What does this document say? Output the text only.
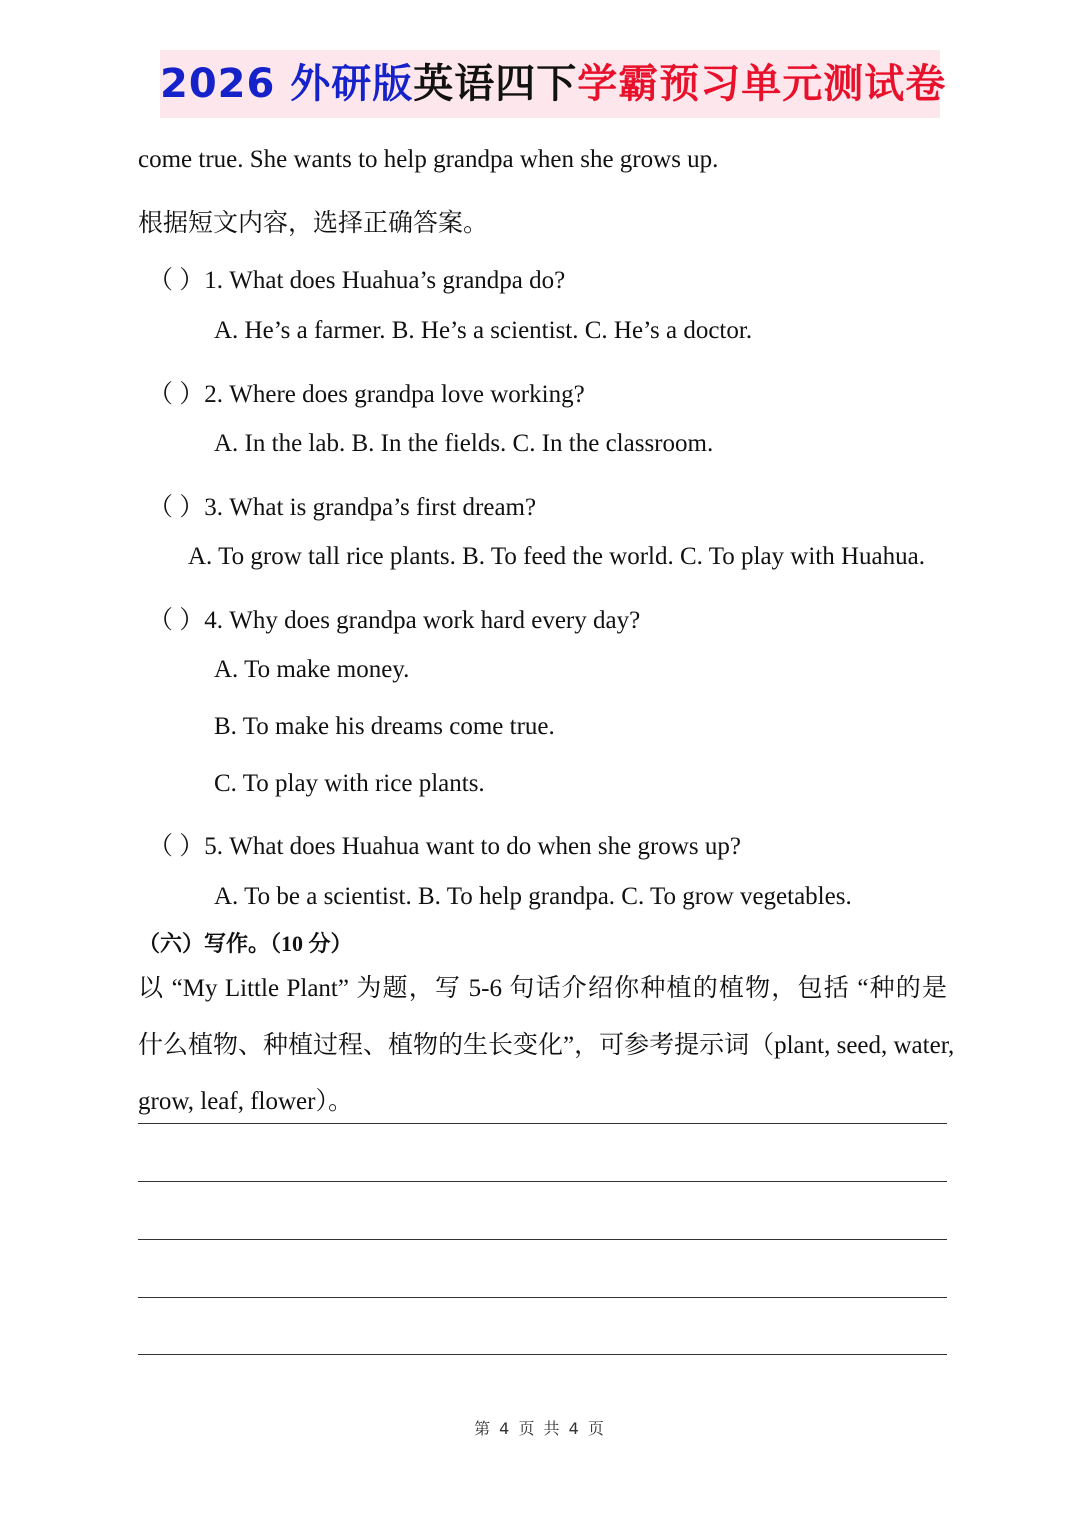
2026 外研版英语四下学霸预习单元测试卷
come true. She wants to help grandpa when she grows up.
根据短文内容，选择正确答案。
（ ）1. What does Huahua’s grandpa do?
A. He’s a farmer. B. He’s a scientist. C. He’s a doctor.
（ ）2. Where does grandpa love working?
A. In the lab. B. In the fields. C. In the classroom.
（ ）3. What is grandpa’s first dream?
A. To grow tall rice plants. B. To feed the world. C. To play with Huahua.
（ ）4. Why does grandpa work hard every day?
A. To make money.
B. To make his dreams come true.
C. To play with rice plants.
（ ）5. What does Huahua want to do when she grows up?
A. To be a scientist. B. To help grandpa. C. To grow vegetables.
（六）写作。（10 分）
以 “My Little Plant” 为题，写 5-6 句话介绍你种植的植物，包括 “种的是
什么植物、种植过程、植物的生长变化”，可参考提示词（plant, seed, water,
grow, leaf, flower）。
第 4 页 共 4 页
